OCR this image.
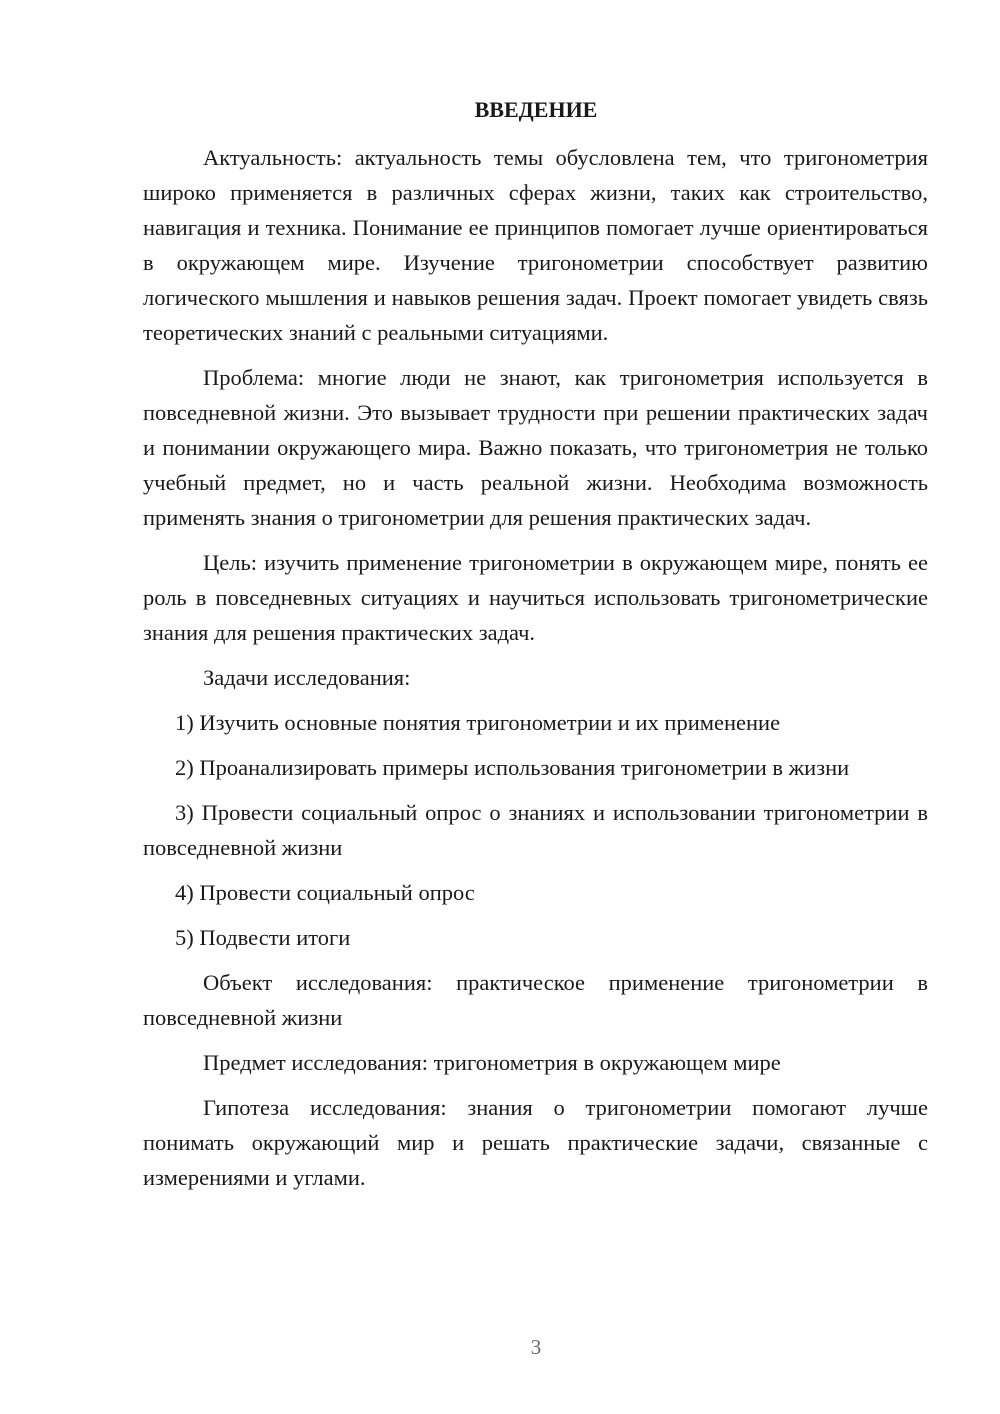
ВВЕДЕНИЕ

Актуальность: актуальность темы обусловлена тем, что тригонометрия широко применяется в различных сферах жизни, таких как строительство, навигация и техника. Понимание ее принципов помогает лучше ориентироваться в окружающем мире. Изучение тригонометрии способствует развитию логического мышления и навыков решения задач. Проект помогает увидеть связь теоретических знаний с реальными ситуациями.

Проблема: многие люди не знают, как тригонометрия используется в повседневной жизни. Это вызывает трудности при решении практических задач и понимании окружающего мира. Важно показать, что тригонометрия не только учебный предмет, но и часть реальной жизни. Необходима возможность применять знания о тригонометрии для решения практических задач.

Цель: изучить применение тригонометрии в окружающем мире, понять ее роль в повседневных ситуациях и научиться использовать тригонометрические знания для решения практических задач.

Задачи исследования:

1) Изучить основные понятия тригонометрии и их применение

2) Проанализировать примеры использования тригонометрии в жизни

3) Провести социальный опрос о знаниях и использовании тригонометрии в повседневной жизни

4) Провести социальный опрос

5) Подвести итоги

Объект исследования: практическое применение тригонометрии в повседневной жизни

Предмет исследования: тригонометрия в окружающем мире

Гипотеза исследования: знания о тригонометрии помогают лучше понимать окружающий мир и решать практические задачи, связанные с измерениями и углами.

3
